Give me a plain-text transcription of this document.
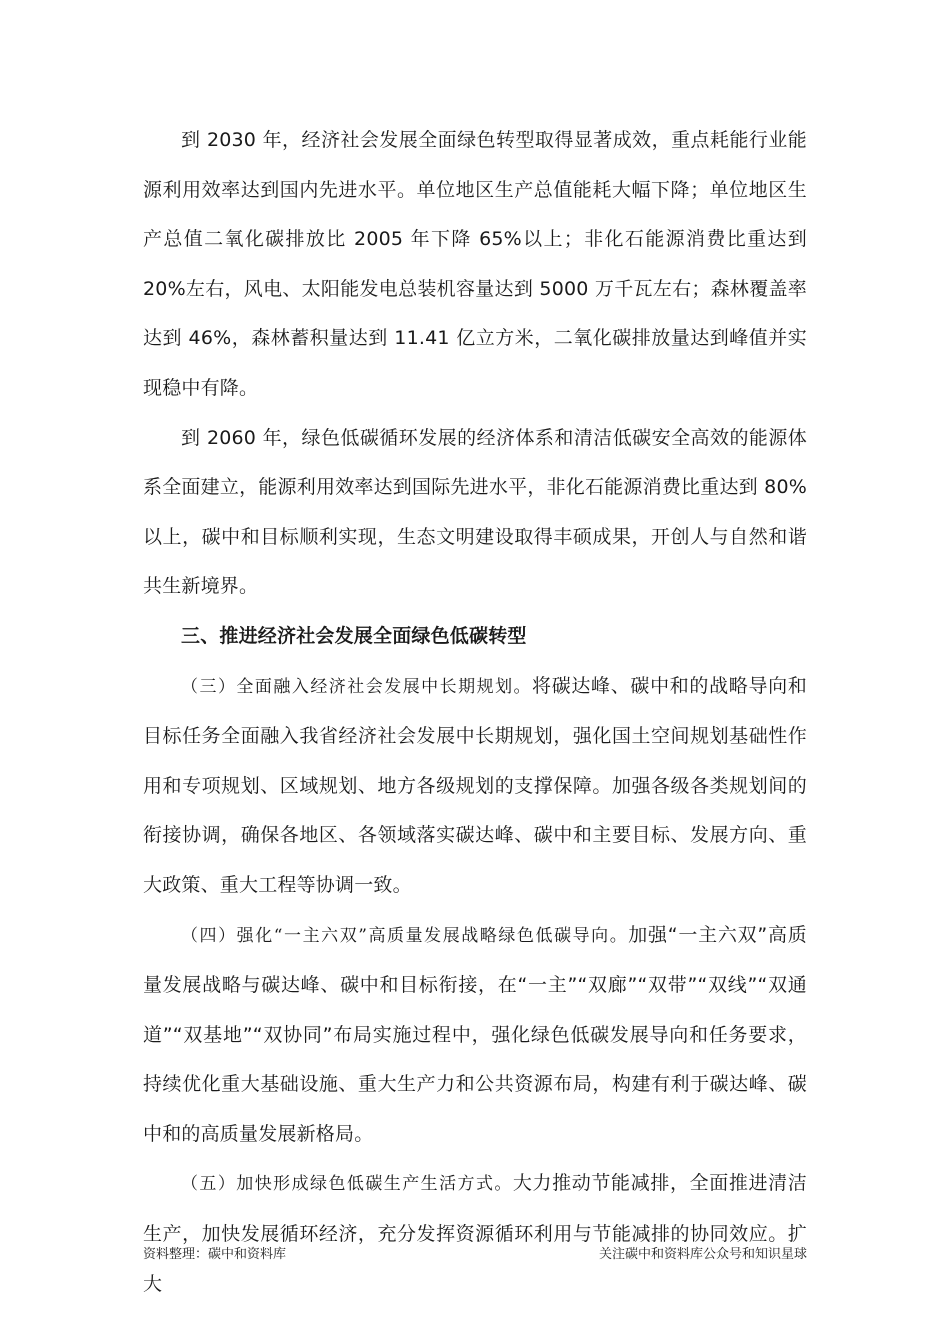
到 2030 年，经济社会发展全面绿色转型取得显著成效，重点耗能行业能源利用效率达到国内先进水平。单位地区生产总值能耗大幅下降；单位地区生产总值二氧化碳排放比 2005 年下降 65%以上；非化石能源消费比重达到 20%左右，风电、太阳能发电总装机容量达到 5000 万千瓦左右；森林覆盖率达到 46%，森林蓄积量达到 11.41 亿立方米，二氧化碳排放量达到峰值并实现稳中有降。

到 2060 年，绿色低碳循环发展的经济体系和清洁低碳安全高效的能源体系全面建立，能源利用效率达到国际先进水平，非化石能源消费比重达到 80%以上，碳中和目标顺利实现，生态文明建设取得丰硕成果，开创人与自然和谐共生新境界。

三、推进经济社会发展全面绿色低碳转型

（三）全面融入经济社会发展中长期规划。将碳达峰、碳中和的战略导向和目标任务全面融入我省经济社会发展中长期规划，强化国土空间规划基础性作用和专项规划、区域规划、地方各级规划的支撑保障。加强各级各类规划间的衔接协调，确保各地区、各领域落实碳达峰、碳中和主要目标、发展方向、重大政策、重大工程等协调一致。

（四）强化“一主六双”高质量发展战略绿色低碳导向。加强“一主六双”高质量发展战略与碳达峰、碳中和目标衔接，在“一主”“双廊”“双带”“双线”“双通道”“双基地”“双协同”布局实施过程中，强化绿色低碳发展导向和任务要求，持续优化重大基础设施、重大生产力和公共资源布局，构建有利于碳达峰、碳中和的高质量发展新格局。

（五）加快形成绿色低碳生产生活方式。大力推动节能减排，全面推进清洁生产，加快发展循环经济，充分发挥资源循环利用与节能减排的协同效应。扩大

资料整理：碳中和资料库	关注碳中和资料库公众号和知识星球
